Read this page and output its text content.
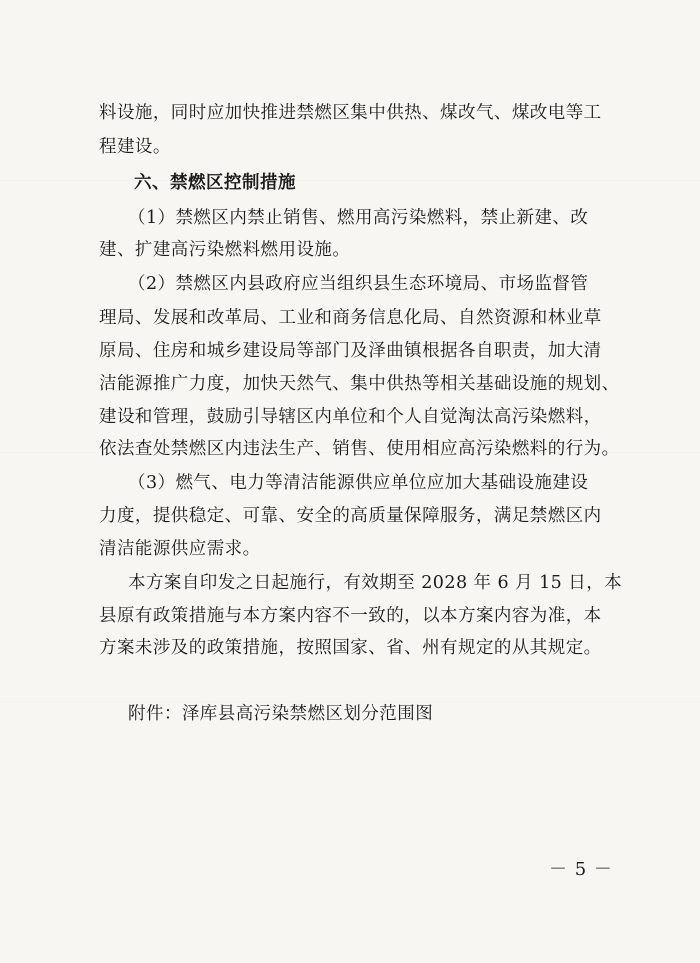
料设施，同时应加快推进禁燃区集中供热、煤改气、煤改电等工
程建设。
六、禁燃区控制措施
（1）禁燃区内禁止销售、燃用高污染燃料，禁止新建、改
建、扩建高污染燃料燃用设施。
（2）禁燃区内县政府应当组织县生态环境局、市场监督管
理局、发展和改革局、工业和商务信息化局、自然资源和林业草
原局、住房和城乡建设局等部门及泽曲镇根据各自职责，加大清
洁能源推广力度，加快天然气、集中供热等相关基础设施的规划、
建设和管理，鼓励引导辖区内单位和个人自觉淘汰高污染燃料，
依法查处禁燃区内违法生产、销售、使用相应高污染燃料的行为。
（3）燃气、电力等清洁能源供应单位应加大基础设施建设
力度，提供稳定、可靠、安全的高质量保障服务，满足禁燃区内
清洁能源供应需求。
本方案自印发之日起施行，有效期至 2028 年 6 月 15 日，本
县原有政策措施与本方案内容不一致的，以本方案内容为准，本
方案未涉及的政策措施，按照国家、省、州有规定的从其规定。
附件：泽库县高污染禁燃区划分范围图
－ 5 －
